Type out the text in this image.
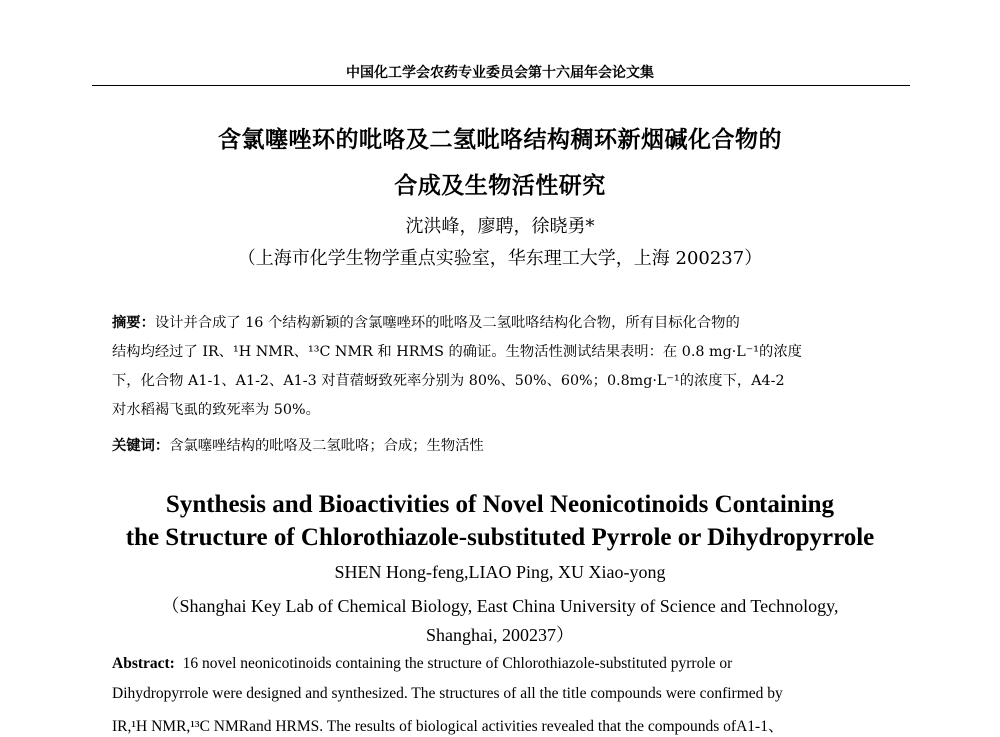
中国化工学会农药专业委员会第十六届年会论文集
含氯噻唑环的吡咯及二氢吡咯结构稠环新烟碱化合物的
合成及生物活性研究
沈洪峰，廖聘，徐晓勇*
（上海市化学生物学重点实验室，华东理工大学，上海 200237）
摘要：设计并合成了 16 个结构新颖的含氯噻唑环的吡咯及二氢吡咯结构化合物，所有目标化合物的
结构均经过了 IR、¹H NMR、¹³C NMR 和 HRMS 的确证。生物活性测试结果表明：在 0.8 mg·L⁻¹的浓度
下，化合物 A1-1、A1-2、A1-3 对苜蓿蚜致死率分别为 80%、50%、60%；0.8mg·L⁻¹的浓度下，A4-2
对水稻褐飞虱的致死率为 50%。
关键词：含氯噻唑结构的吡咯及二氢吡咯；合成；生物活性
Synthesis and Bioactivities of Novel Neonicotinoids Containing
the Structure of Chlorothiazole-substituted Pyrrole or Dihydropyrrole
SHEN Hong-feng,LIAO Ping, XU Xiao-yong
（Shanghai Key Lab of Chemical Biology, East China University of Science and Technology,
Shanghai, 200237）
Abstract: 16 novel neonicotinoids containing the structure of Chlorothiazole-substituted pyrrole or
Dihydropyrrole were designed and synthesized. The structures of all the title compounds were confirmed by
IR,¹H NMR,¹³C NMRand HRMS. The results of biological activities revealed that the compounds ofA1-1、
